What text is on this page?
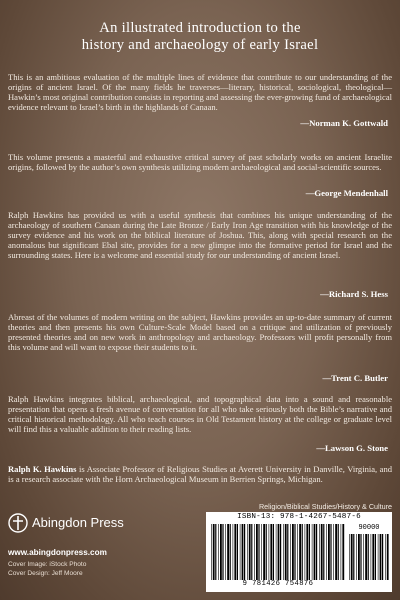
An illustrated introduction to the
history and archaeology of early Israel

This is an ambitious evaluation of the multiple lines of evidence that contribute to our understanding of the origins of ancient Israel. Of the many fields he traverses—literary, historical, sociological, theological—Hawkin’s most original contribution consists in reporting and assessing the ever-growing fund of archaeological evidence relevant to Israel’s birth in the highlands of Canaan.

—Norman K. Gottwald

This volume presents a masterful and exhaustive critical survey of past scholarly works on ancient Israelite origins, followed by the author’s own synthesis utilizing modern archaeological and social-scientific sources.

—George Mendenhall

Ralph Hawkins has provided us with a useful synthesis that combines his unique understanding of the archaeology of southern Canaan during the Late Bronze / Early Iron Age transition with his knowledge of the survey evidence and his work on the biblical literature of Joshua. This, along with special research on the anomalous but significant Ebal site, provides for a new glimpse into the formative period for Israel and the surrounding states. Here is a welcome and essential study for our understanding of ancient Israel.

—Richard S. Hess

Abreast of the volumes of modern writing on the subject, Hawkins provides an up-to-date summary of current theories and then presents his own Culture-Scale Model based on a critique and utilization of previously presented theories and on new work in anthropology and archaeology. Professors will profit personally from this volume and will want to expose their students to it.

—Trent C. Butler

Ralph Hawkins integrates biblical, archaeological, and topographical data into a sound and reasonable presentation that opens a fresh avenue of conversation for all who take seriously both the Bible’s narrative and critical historical methodology. All who teach courses in Old Testament history at the college or graduate level will find this a valuable addition to their reading lists.

—Lawson G. Stone

Ralph K. Hawkins is Associate Professor of Religious Studies at Averett University in Danville, Virginia, and is a research associate with the Horn Archaeological Museum in Berrien Springs, Michigan.

Religion/Biblical Studies/History & Culture
Abingdon Press
www.abingdonpress.com
Cover Image: iStock Photo
Cover Design: Jeff Moore
ISBN-13: 978-1-4267-5487-6
90000
9 781426 754876
